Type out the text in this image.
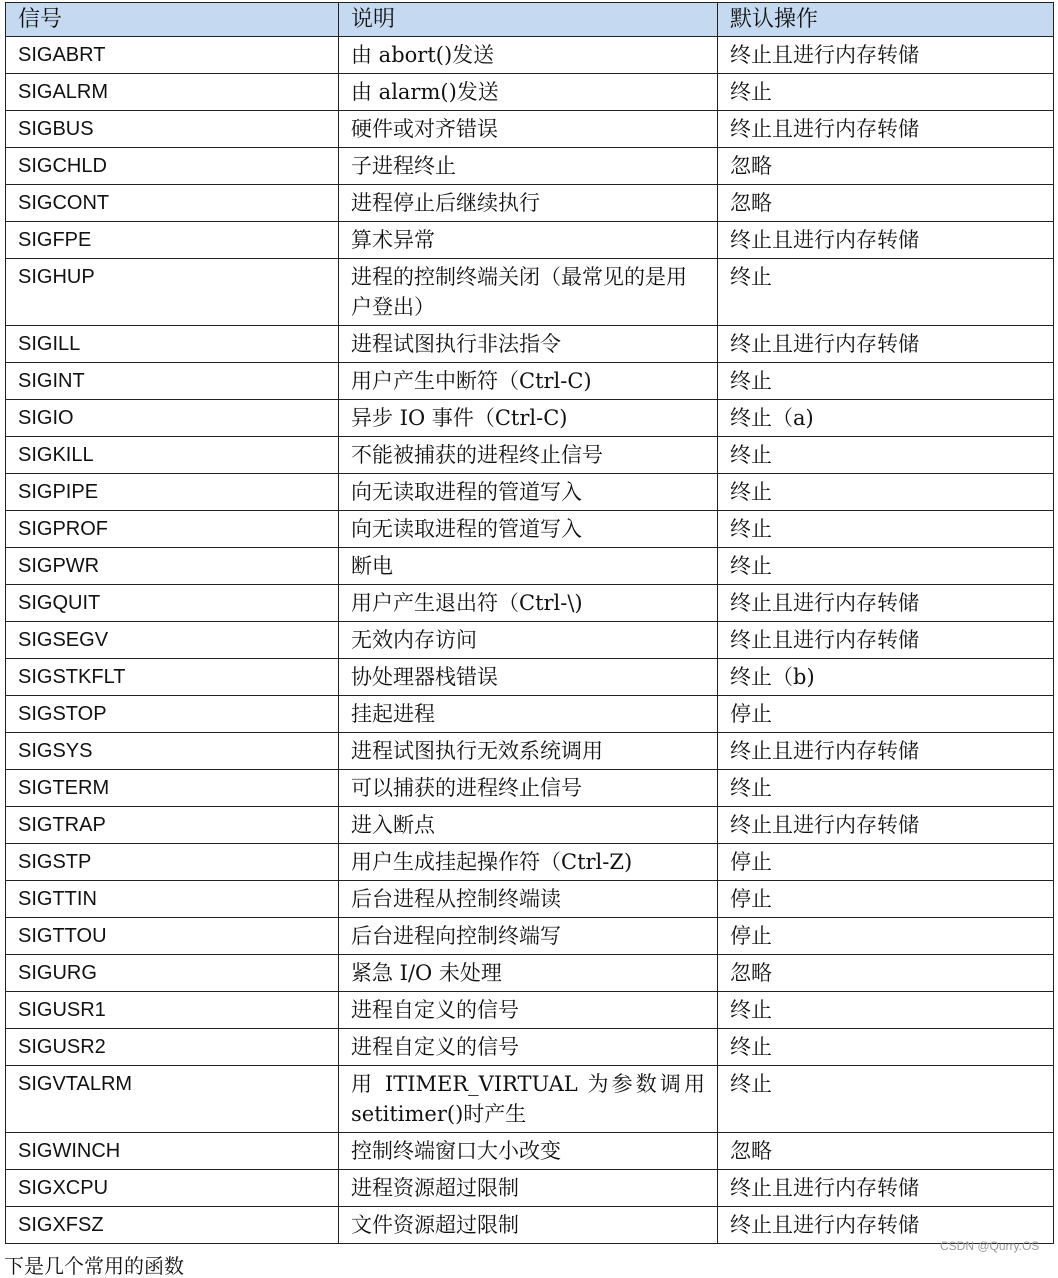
信号	说明	默认操作
SIGABRT	由 abort()发送	终止且进行内存转储
SIGALRM	由 alarm()发送	终止
SIGBUS	硬件或对齐错误	终止且进行内存转储
SIGCHLD	子进程终止	忽略
SIGCONT	进程停止后继续执行	忽略
SIGFPE	算术异常	终止且进行内存转储
SIGHUP	进程的控制终端关闭（最常见的是用户登出）	终止
SIGILL	进程试图执行非法指令	终止且进行内存转储
SIGINT	用户产生中断符（Ctrl-C)	终止
SIGIO	异步 IO 事件（Ctrl-C)	终止（a)
SIGKILL	不能被捕获的进程终止信号	终止
SIGPIPE	向无读取进程的管道写入	终止
SIGPROF	向无读取进程的管道写入	终止
SIGPWR	断电	终止
SIGQUIT	用户产生退出符（Ctrl-\)	终止且进行内存转储
SIGSEGV	无效内存访问	终止且进行内存转储
SIGSTKFLT	协处理器栈错误	终止（b)
SIGSTOP	挂起进程	停止
SIGSYS	进程试图执行无效系统调用	终止且进行内存转储
SIGTERM	可以捕获的进程终止信号	终止
SIGTRAP	进入断点	终止且进行内存转储
SIGSTP	用户生成挂起操作符（Ctrl-Z)	停止
SIGTTIN	后台进程从控制终端读	停止
SIGTTOU	后台进程向控制终端写	停止
SIGURG	紧急 I/O 未处理	忽略
SIGUSR1	进程自定义的信号	终止
SIGUSR2	进程自定义的信号	终止
SIGVTALRM	用 ITIMER_VIRTUAL 为参数调用 setitimer()时产生	终止
SIGWINCH	控制终端窗口大小改变	忽略
SIGXCPU	进程资源超过限制	终止且进行内存转储
SIGXFSZ	文件资源超过限制	终止且进行内存转储
CSDN @Qurry.OS
下是几个常用的函数
